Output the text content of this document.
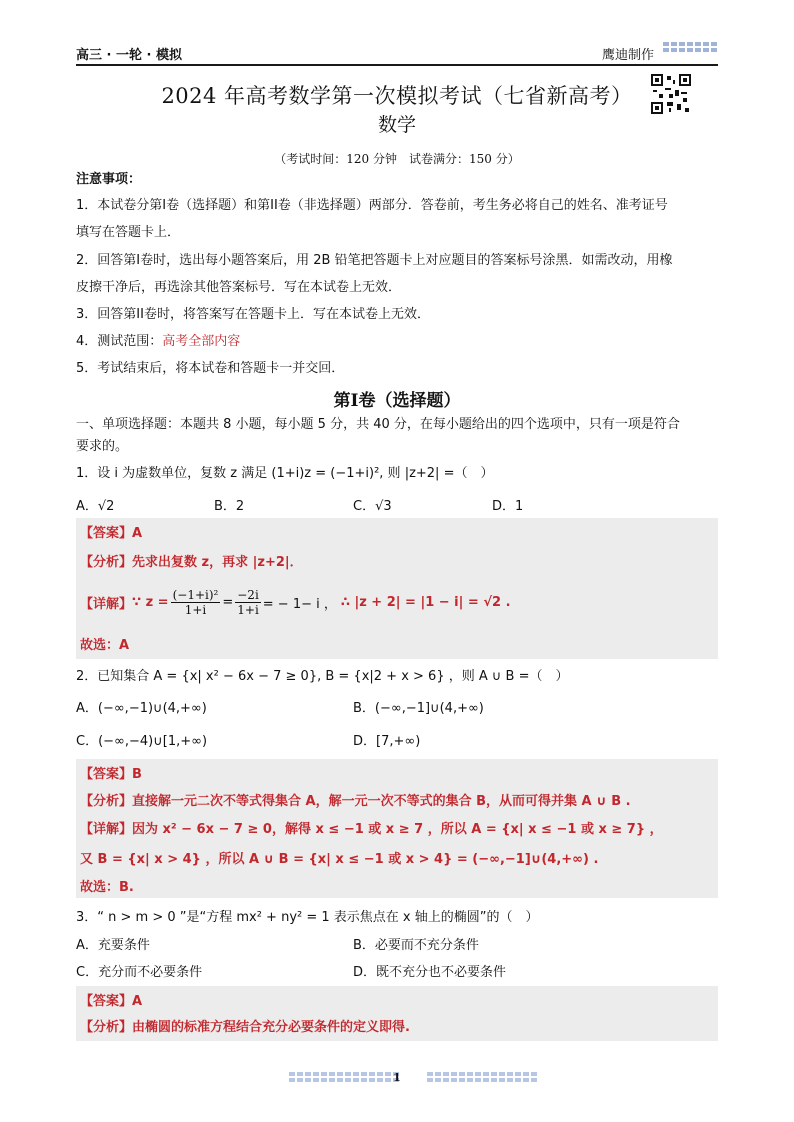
高三 · 一轮 · 模拟	鹰迪制作
2024 年高考数学第一次模拟考试（七省新高考）
数学
（考试时间：120 分钟　试卷满分：150 分）
注意事项：
1．本试卷分第I卷（选择题）和第II卷（非选择题）两部分．答卷前，考生务必将自己的姓名、准考证号
填写在答题卡上．
2．回答第I卷时，选出每小题答案后，用 2B 铅笔把答题卡上对应题目的答案标号涂黑．如需改动，用橡
皮擦干净后，再选涂其他答案标号．写在本试卷上无效．
3．回答第II卷时，将答案写在答题卡上．写在本试卷上无效．
4．测试范围：高考全部内容
5．考试结束后，将本试卷和答题卡一并交回．
第I卷（选择题）
一、单项选择题：本题共 8 小题，每小题 5 分，共 40 分，在每小题给出的四个选项中，只有一项是符合
要求的。
1．设 i 为虚数单位，复数 z 满足 (1+i)z = (−1+i)², 则 |z+2| =（　）
A．√2	B．2	C．√3	D．1
【答案】A
【分析】先求出复数 z，再求 |z+2|．
【详解】 ∵ $z = \frac{\text{(−1+i)²}}{1+i} = \frac{-2i}{1+i}$ = − 1− i ， ∴ |z + 2| = |1 − i| = √2 .
故选：A
2．已知集合 A = {x| x² − 6x − 7 ≥ 0}, B = {x|2 + x > 6} ，则 A ∪ B =（　）
A．(−∞,−1)∪(4,+∞)	B．(−∞,−1]∪(4,+∞)
C．(−∞,−4)∪[1,+∞)	D．[7,+∞)
【答案】B
【分析】直接解一元二次不等式得集合 A，解一元一次不等式的集合 B，从而可得并集 A ∪ B .
【详解】因为 x² − 6x − 7 ≥ 0，解得 x ≤ −1 或 x ≥ 7 ，所以 A = {x| x ≤ −1 或 x ≥ 7} ，
又 B = {x| x > 4} ，所以 A ∪ B = {x| x ≤ −1 或 x > 4} = (−∞,−1]∪(4,+∞) .
故选：B.
3．“ n > m > 0 ”是“方程 mx² + ny² = 1 表示焦点在 x 轴上的椭圆”的（　）
A．充要条件	B．必要而不充分条件
C．充分而不必要条件	D．既不充分也不必要条件
【答案】A
【分析】由椭圆的标准方程结合充分必要条件的定义即得.
1
